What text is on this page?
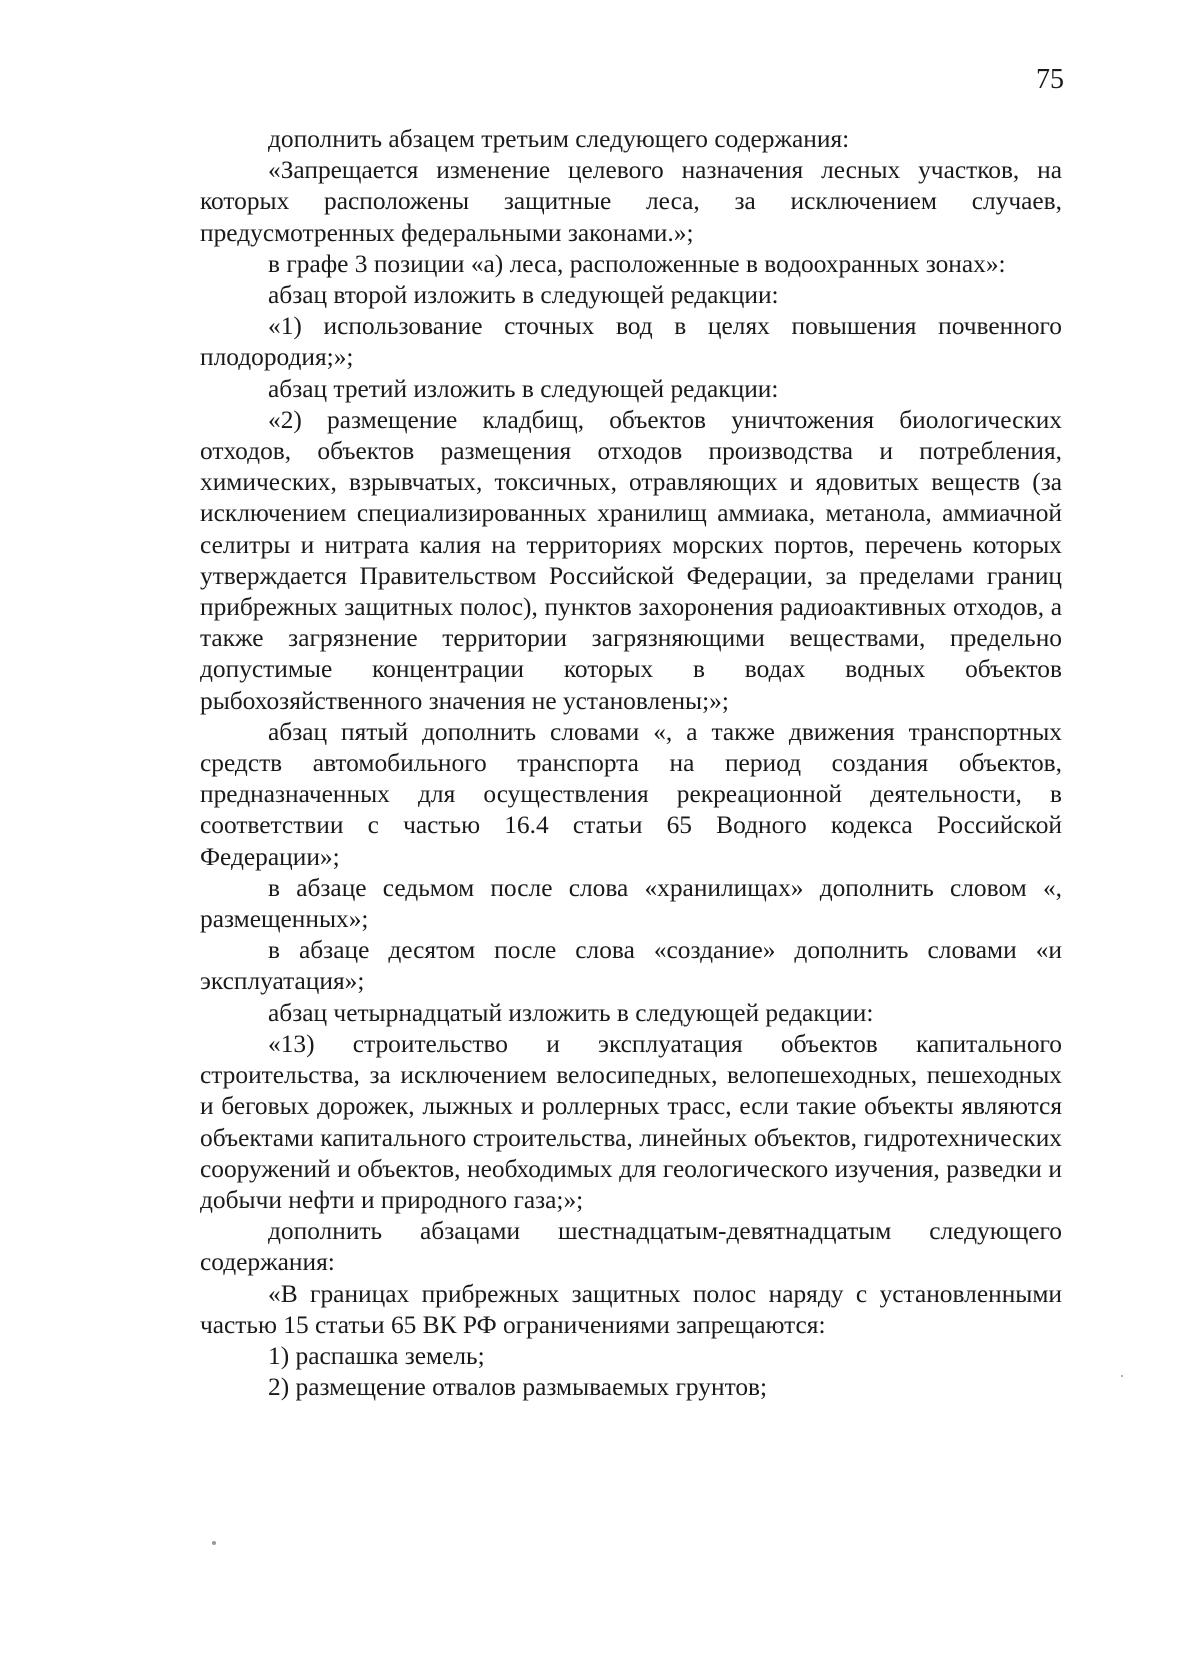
75

дополнить абзацем третьим следующего содержания:

«Запрещается изменение целевого назначения лесных участков, на которых расположены защитные леса, за исключением случаев, предусмотренных федеральными законами.»;

в графе 3 позиции «а) леса, расположенные в водоохранных зонах»:

абзац второй изложить в следующей редакции:

«1) использование сточных вод в целях повышения почвенного плодородия;»;

абзац третий изложить в следующей редакции:

«2) размещение кладбищ, объектов уничтожения биологических отходов, объектов размещения отходов производства и потребления, химических, взрывчатых, токсичных, отравляющих и ядовитых веществ (за исключением специализированных хранилищ аммиака, метанола, аммиачной селитры и нитрата калия на территориях морских портов, перечень которых утверждается Правительством Российской Федерации, за пределами границ прибрежных защитных полос), пунктов захоронения радиоактивных отходов, а также загрязнение территории загрязняющими веществами, предельно допустимые концентрации которых в водах водных объектов рыбохозяйственного значения не установлены;»;

абзац пятый дополнить словами «, а также движения транспортных средств автомобильного транспорта на период создания объектов, предназначенных для осуществления рекреационной деятельности, в соответствии с частью 16.4 статьи 65 Водного кодекса Российской Федерации»;

в абзаце седьмом после слова «хранилищах» дополнить словом «, размещенных»;

в абзаце десятом после слова «создание» дополнить словами «и эксплуатация»;

абзац четырнадцатый изложить в следующей редакции:

«13) строительство и эксплуатация объектов капитального строительства, за исключением велосипедных, велопешеходных, пешеходных и беговых дорожек, лыжных и роллерных трасс, если такие объекты являются объектами капитального строительства, линейных объектов, гидротехнических сооружений и объектов, необходимых для геологического изучения, разведки и добычи нефти и природного газа;»;

дополнить абзацами шестнадцатым-девятнадцатым следующего содержания:

«В границах прибрежных защитных полос наряду с установленными частью 15 статьи 65 ВК РФ ограничениями запрещаются:

1) распашка земель;

2) размещение отвалов размываемых грунтов;
